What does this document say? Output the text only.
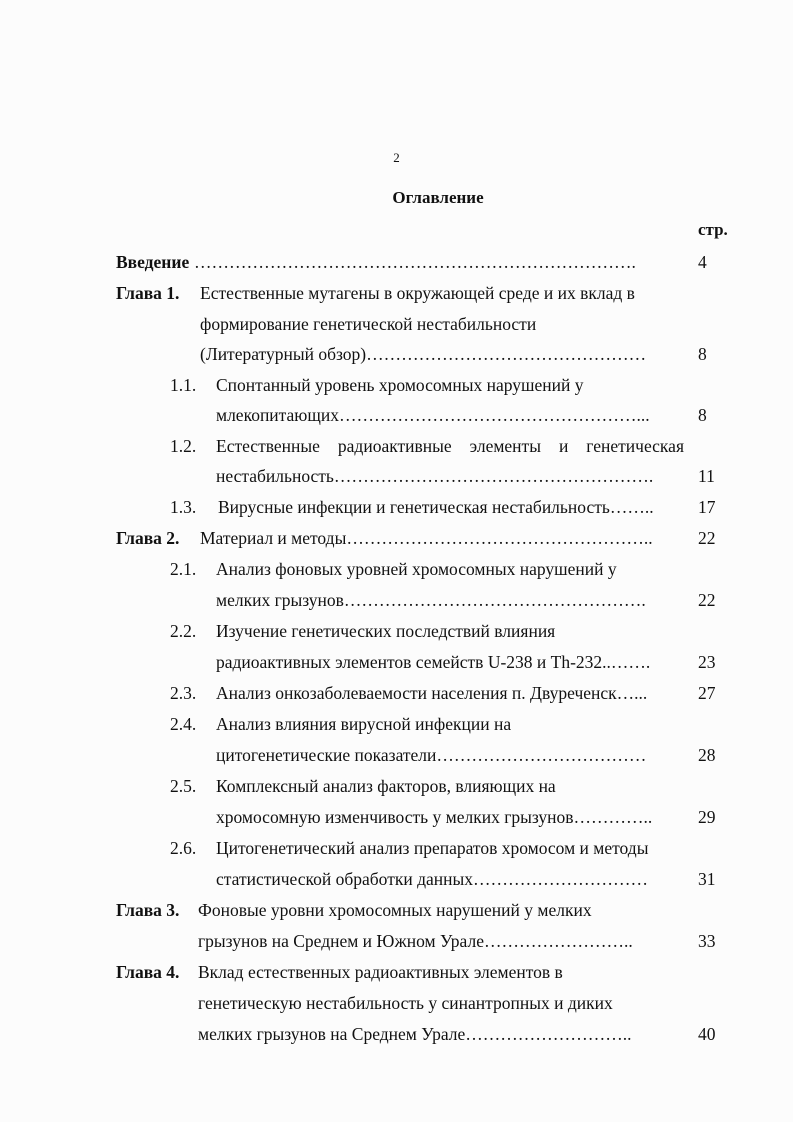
2
Оглавление
стр.
Введение ………………………………………………………………….	4
Глава 1. Естественные мутагены в окружающей среде и их вклад в
формирование генетической нестабильности
(Литературный обзор)…………………………………………	8
1.1. Спонтанный уровень хромосомных нарушений у
млекопитающих……………………………………………...	8
1.2. Естественные радиоактивные элементы и генетическая
нестабильность……………………………………………….	11
1.3. Вирусные инфекции и генетическая нестабильность……..	17
Глава 2. Материал и методы……………………………………………..	22
2.1. Анализ фоновых уровней хромосомных нарушений у
мелких грызунов…………………………………………….	22
2.2. Изучение генетических последствий влияния
радиоактивных элементов семейств U-238 и Th-232..…….	23
2.3. Анализ онкозаболеваемости населения п. Двуреченск…...	27
2.4. Анализ влияния вирусной инфекции на
цитогенетические показатели………………………………	28
2.5. Комплексный анализ факторов, влияющих на
хромосомную изменчивость у мелких грызунов…………..	29
2.6. Цитогенетический анализ препаратов хромосом и методы
статистической обработки данных…………………………	31
Глава 3. Фоновые уровни хромосомных нарушений у мелких
грызунов на Среднем и Южном Урале……………………..	33
Глава 4. Вклад естественных радиоактивных элементов в
генетическую нестабильность у синантропных и диких
мелких грызунов на Среднем Урале………………………..	40
